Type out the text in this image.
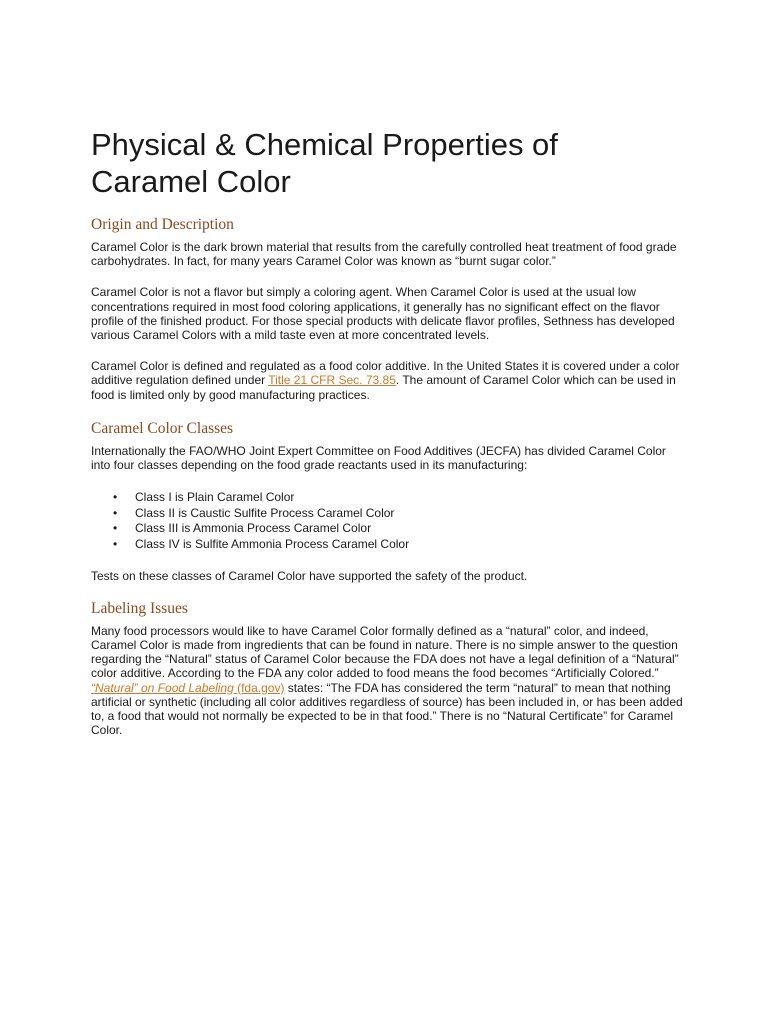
Physical & Chemical Properties of Caramel Color
Origin and Description

Caramel Color is the dark brown material that results from the carefully controlled heat treatment of food grade carbohydrates. In fact, for many years Caramel Color was known as “burnt sugar color.”

Caramel Color is not a flavor but simply a coloring agent. When Caramel Color is used at the usual low concentrations required in most food coloring applications, it generally has no significant effect on the flavor profile of the finished product. For those special products with delicate flavor profiles, Sethness has developed various Caramel Colors with a mild taste even at more concentrated levels.

Caramel Color is defined and regulated as a food color additive. In the United States it is covered under a color additive regulation defined under Title 21 CFR Sec. 73.85. The amount of Caramel Color which can be used in food is limited only by good manufacturing practices.

Caramel Color Classes

Internationally the FAO/WHO Joint Expert Committee on Food Additives (JECFA) has divided Caramel Color into four classes depending on the food grade reactants used in its manufacturing:

• Class I is Plain Caramel Color
• Class II is Caustic Sulfite Process Caramel Color
• Class III is Ammonia Process Caramel Color
• Class IV is Sulfite Ammonia Process Caramel Color

Tests on these classes of Caramel Color have supported the safety of the product.

Labeling Issues

Many food processors would like to have Caramel Color formally defined as a “natural” color, and indeed, Caramel Color is made from ingredients that can be found in nature. There is no simple answer to the question regarding the “Natural” status of Caramel Color because the FDA does not have a legal definition of a “Natural” color additive. According to the FDA any color added to food means the food becomes “Artificially Colored.” “Natural” on Food Labeling (fda.gov) states: “The FDA has considered the term “natural” to mean that nothing artificial or synthetic (including all color additives regardless of source) has been included in, or has been added to, a food that would not normally be expected to be in that food.” There is no “Natural Certificate” for Caramel Color.
